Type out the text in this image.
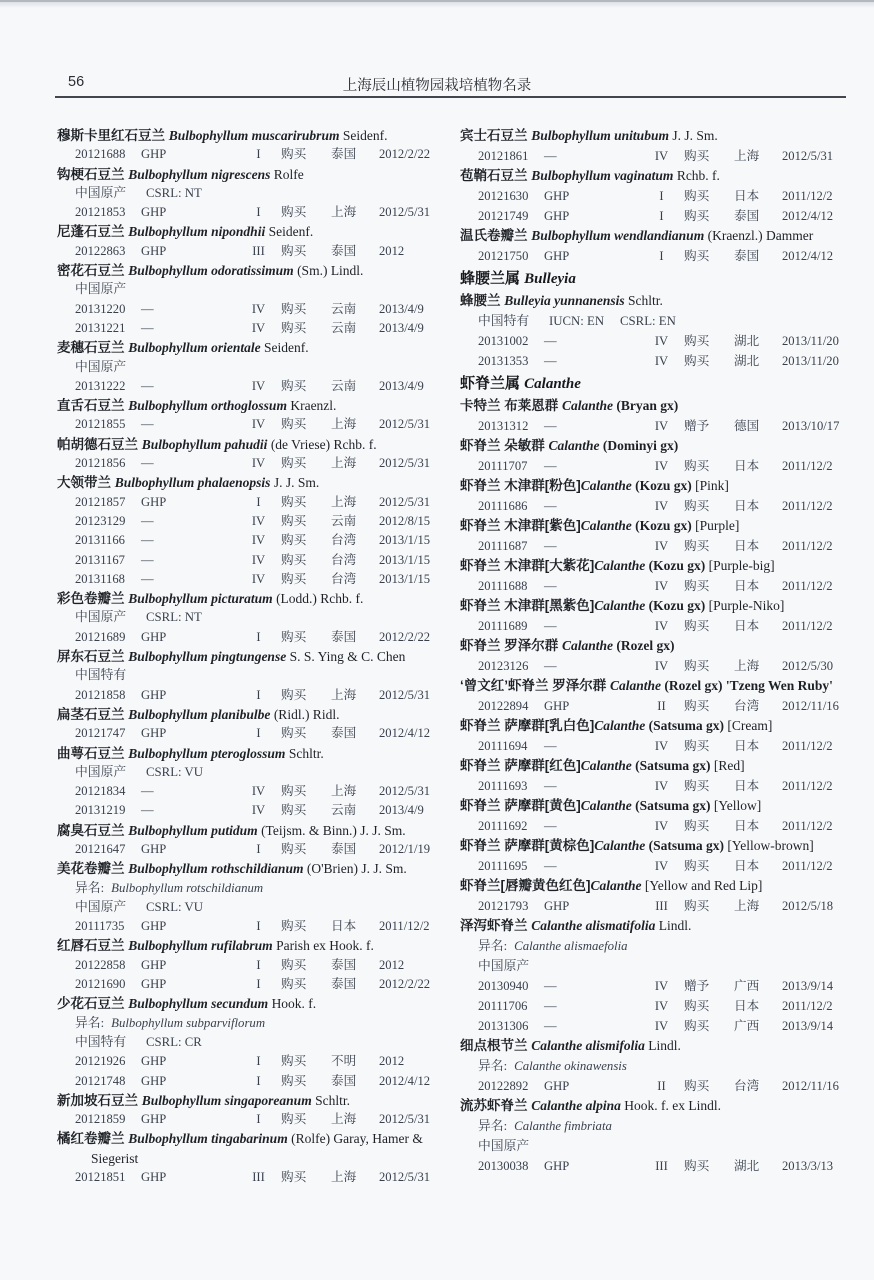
56	上海辰山植物园栽培植物名录
穆斯卡里红石豆兰 Bulbophyllum muscarirubrum Seidenf.
20121688	GHP	I	购买	泰国	2012/2/22
钩梗石豆兰 Bulbophyllum nigrescens Rolfe
中国原产 CSRL: NT
20121853	GHP	I	购买	上海	2012/5/31
尼蓬石豆兰 Bulbophyllum nipondhii Seidenf.
20122863	GHP	III	购买	泰国	2012
密花石豆兰 Bulbophyllum odoratissimum (Sm.) Lindl.
中国原产
20131220	—	IV	购买	云南	2013/4/9
20131221	—	IV	购买	云南	2013/4/9
麦穗石豆兰 Bulbophyllum orientale Seidenf.
中国原产
20131222	—	IV	购买	云南	2013/4/9
直舌石豆兰 Bulbophyllum orthoglossum Kraenzl.
20121855	—	IV	购买	上海	2012/5/31
帕胡德石豆兰 Bulbophyllum pahudii (de Vriese) Rchb. f.
20121856	—	IV	购买	上海	2012/5/31
大领带兰 Bulbophyllum phalaenopsis J. J. Sm.
20121857	GHP	I	购买	上海	2012/5/31
20123129	—	IV	购买	云南	2012/8/15
20131166	—	IV	购买	台湾	2013/1/15
20131167	—	IV	购买	台湾	2013/1/15
20131168	—	IV	购买	台湾	2013/1/15
彩色卷瓣兰 Bulbophyllum picturatum (Lodd.) Rchb. f.
中国原产 CSRL: NT
20121689	GHP	I	购买	泰国	2012/2/22
屏东石豆兰 Bulbophyllum pingtungense S. S. Ying & C. Chen
中国特有
20121858	GHP	I	购买	上海	2012/5/31
扁茎石豆兰 Bulbophyllum planibulbe (Ridl.) Ridl.
20121747	GHP	I	购买	泰国	2012/4/12
曲萼石豆兰 Bulbophyllum pteroglossum Schltr.
中国原产 CSRL: VU
20121834	—	IV	购买	上海	2012/5/31
20131219	—	IV	购买	云南	2013/4/9
腐臭石豆兰 Bulbophyllum putidum (Teijsm. & Binn.) J. J. Sm.
20121647	GHP	I	购买	泰国	2012/1/19
美花卷瓣兰 Bulbophyllum rothschildianum (O'Brien) J. J. Sm.
异名: Bulbophyllum rotschildianum
中国原产 CSRL: VU
20111735	GHP	I	购买	日本	2011/12/2
红唇石豆兰 Bulbophyllum rufilabrum Parish ex Hook. f.
20122858	GHP	I	购买	泰国	2012
20121690	GHP	I	购买	泰国	2012/2/22
少花石豆兰 Bulbophyllum secundum Hook. f.
异名: Bulbophyllum subparviflorum
中国特有 CSRL: CR
20121926	GHP	I	购买	不明	2012
20121748	GHP	I	购买	泰国	2012/4/12
新加坡石豆兰 Bulbophyllum singaporeanum Schltr.
20121859	GHP	I	购买	上海	2012/5/31
橘红卷瓣兰 Bulbophyllum tingabarinum (Rolfe) Garay, Hamer & Siegerist
20121851	GHP	III	购买	上海	2012/5/31
宾士石豆兰 Bulbophyllum unitubum J. J. Sm.
20121861	—	IV	购买	上海	2012/5/31
苞鞘石豆兰 Bulbophyllum vaginatum Rchb. f.
20121630	GHP	I	购买	日本	2011/12/2
20121749	GHP	I	购买	泰国	2012/4/12
温氏卷瓣兰 Bulbophyllum wendlandianum (Kraenzl.) Dammer
20121750	GHP	I	购买	泰国	2012/4/12
蜂腰兰属 Bulleyia
蜂腰兰 Bulleyia yunnanensis Schltr.
中国特有 IUCN: EN CSRL: EN
20131002	—	IV	购买	湖北	2013/11/20
20131353	—	IV	购买	湖北	2013/11/20
虾脊兰属 Calanthe
卡特兰 布莱恩群 Calanthe (Bryan gx)
20131312	—	IV	赠予	德国	2013/10/17
虾脊兰 朵敏群 Calanthe (Dominyi gx)
20111707	—	IV	购买	日本	2011/12/2
虾脊兰 木津群[粉色]Calanthe (Kozu gx) [Pink]
20111686	—	IV	购买	日本	2011/12/2
虾脊兰 木津群[紫色]Calanthe (Kozu gx) [Purple]
20111687	—	IV	购买	日本	2011/12/2
虾脊兰 木津群[大紫花]Calanthe (Kozu gx) [Purple-big]
20111688	—	IV	购买	日本	2011/12/2
虾脊兰 木津群[黑紫色]Calanthe (Kozu gx) [Purple-Niko]
20111689	—	IV	购买	日本	2011/12/2
虾脊兰 罗泽尔群 Calanthe (Rozel gx)
20123126	—	IV	购买	上海	2012/5/30
‘曾文红’虾脊兰 罗泽尔群 Calanthe (Rozel gx) 'Tzeng Wen Ruby'
20122894	GHP	II	购买	台湾	2012/11/16
虾脊兰 萨摩群[乳白色]Calanthe (Satsuma gx) [Cream]
20111694	—	IV	购买	日本	2011/12/2
虾脊兰 萨摩群[红色]Calanthe (Satsuma gx) [Red]
20111693	—	IV	购买	日本	2011/12/2
虾脊兰 萨摩群[黄色]Calanthe (Satsuma gx) [Yellow]
20111692	—	IV	购买	日本	2011/12/2
虾脊兰 萨摩群[黄棕色]Calanthe (Satsuma gx) [Yellow-brown]
20111695	—	IV	购买	日本	2011/12/2
虾脊兰[唇瓣黄色红色]Calanthe [Yellow and Red Lip]
20121793	GHP	III	购买	上海	2012/5/18
泽泻虾脊兰 Calanthe alismatifolia Lindl.
异名: Calanthe alismaefolia
中国原产
20130940	—	IV	赠予	广西	2013/9/14
20111706	—	IV	购买	日本	2011/12/2
20131306	—	IV	购买	广西	2013/9/14
细点根节兰 Calanthe alismifolia Lindl.
异名: Calanthe okinawensis
20122892	GHP	II	购买	台湾	2012/11/16
流苏虾脊兰 Calanthe alpina Hook. f. ex Lindl.
异名: Calanthe fimbriata
中国原产
20130038	GHP	III	购买	湖北	2013/3/13
